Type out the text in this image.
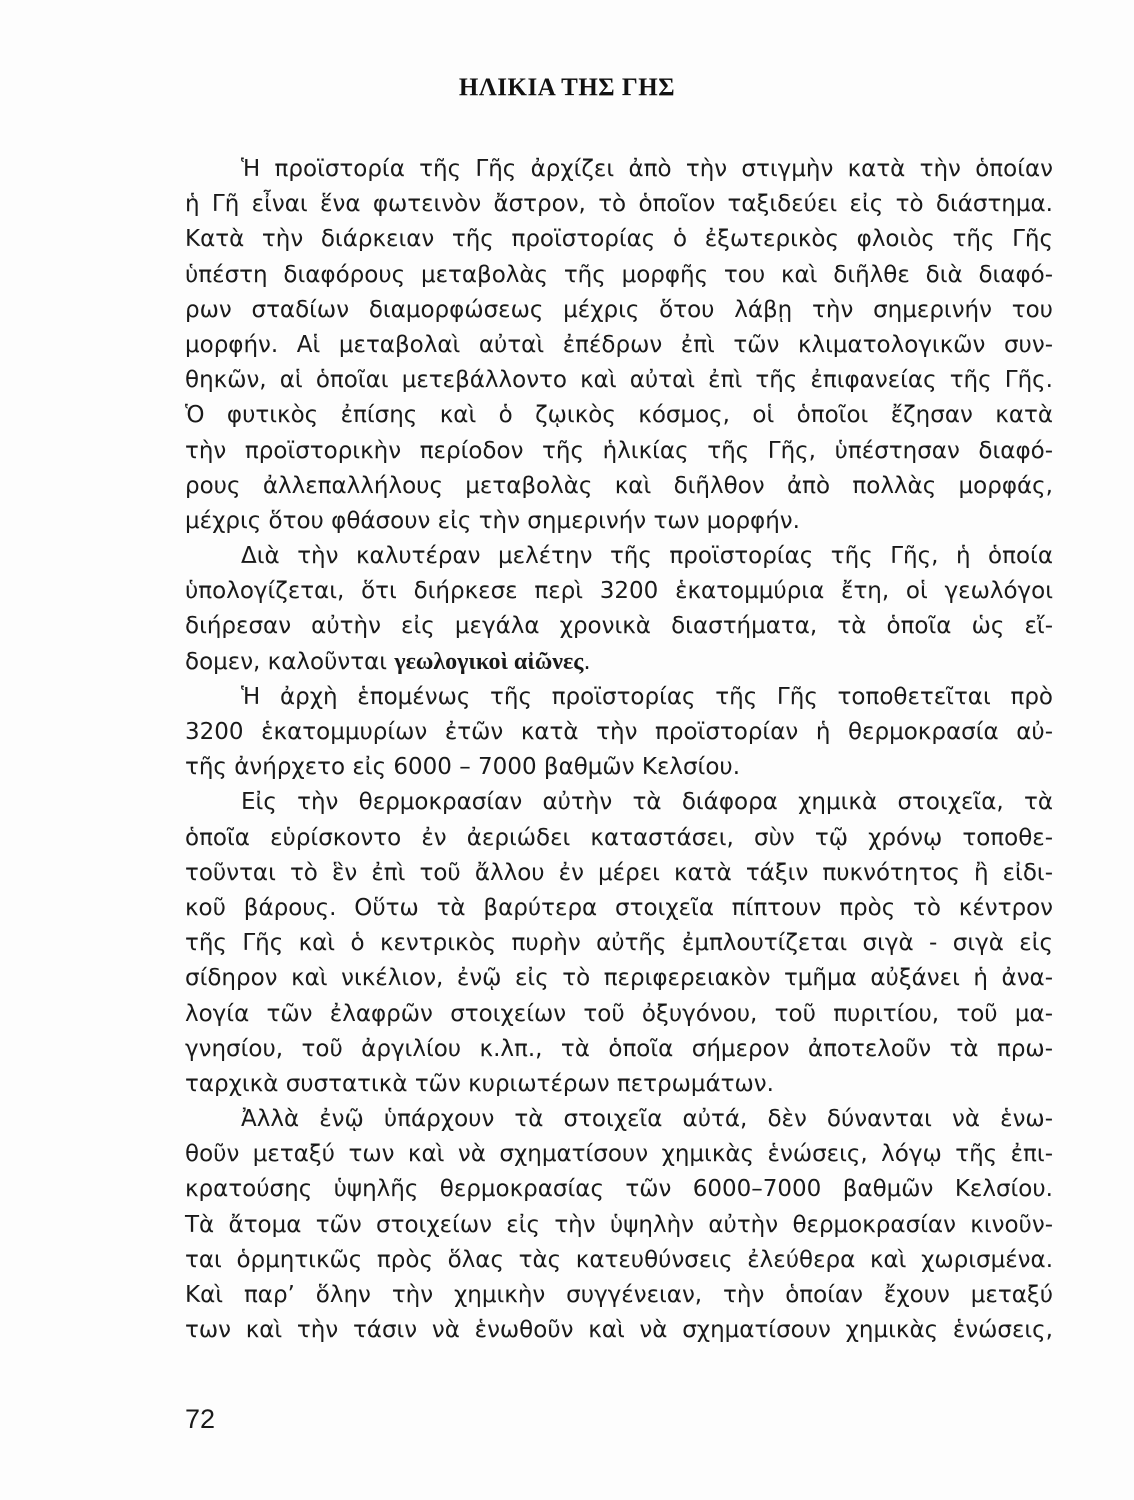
ΗΛΙΚΙΑ ΤΗΣ ΓΗΣ
Ἡ προϊστορία τῆς Γῆς ἀρχίζει ἀπὸ τὴν στιγμὴν κατὰ τὴν ὁποίαν
ἡ Γῆ εἶναι ἕνα φωτεινὸν ἄστρον, τὸ ὁποῖον ταξιδεύει εἰς τὸ διάστημα.
Κατὰ τὴν διάρκειαν τῆς προϊστορίας ὁ ἐξωτερικὸς φλοιὸς τῆς Γῆς
ὑπέστη διαφόρους μεταβολὰς τῆς μορφῆς του καὶ διῆλθε διὰ διαφό-
ρων σταδίων διαμορφώσεως μέχρις ὅτου λάβῃ τὴν σημερινήν του
μορφήν. Αἱ μεταβολαὶ αὐταὶ ἐπέδρων ἐπὶ τῶν κλιματολογικῶν συν-
θηκῶν, αἱ ὁποῖαι μετεβάλλοντο καὶ αὐταὶ ἐπὶ τῆς ἐπιφανείας τῆς Γῆς.
Ὁ φυτικὸς ἐπίσης καὶ ὁ ζῳικὸς κόσμος, οἱ ὁποῖοι ἔζησαν κατὰ
τὴν προϊστορικὴν περίοδον τῆς ἡλικίας τῆς Γῆς, ὑπέστησαν διαφό-
ρους ἀλλεπαλλήλους μεταβολὰς καὶ διῆλθον ἀπὸ πολλὰς μορφάς,
μέχρις ὅτου φθάσουν εἰς τὴν σημερινήν των μορφήν.
Διὰ τὴν καλυτέραν μελέτην τῆς προϊστορίας τῆς Γῆς, ἡ ὁποία
ὑπολογίζεται, ὅτι διήρκεσε περὶ 3200 ἑκατομμύρια ἔτη, οἱ γεωλόγοι
διήρεσαν αὐτὴν εἰς μεγάλα χρονικὰ διαστήματα, τὰ ὁποῖα ὡς εἴ-
δομεν, καλοῦνται γεωλογικοὶ αἰῶνες.
Ἡ ἀρχὴ ἑπομένως τῆς προϊστορίας τῆς Γῆς τοποθετεῖται πρὸ
3200 ἑκατομμυρίων ἐτῶν κατὰ τὴν προϊστορίαν ἡ θερμοκρασία αὐ-
τῆς ἀνήρχετο εἰς 6000 – 7000 βαθμῶν Κελσίου.
Εἰς τὴν θερμοκρασίαν αὐτὴν τὰ διάφορα χημικὰ στοιχεῖα, τὰ
ὁποῖα εὑρίσκοντο ἐν ἀεριώδει καταστάσει, σὺν τῷ χρόνῳ τοποθε-
τοῦνται τὸ ἓν ἐπὶ τοῦ ἄλλου ἐν μέρει κατὰ τάξιν πυκνότητος ἢ εἰδι-
κοῦ βάρους. Οὕτω τὰ βαρύτερα στοιχεῖα πίπτουν πρὸς τὸ κέντρον
τῆς Γῆς καὶ ὁ κεντρικὸς πυρὴν αὐτῆς ἐμπλουτίζεται σιγὰ - σιγὰ εἰς
σίδηρον καὶ νικέλιον, ἐνῷ εἰς τὸ περιφερειακὸν τμῆμα αὐξάνει ἡ ἀνα-
λογία τῶν ἐλαφρῶν στοιχείων τοῦ ὀξυγόνου, τοῦ πυριτίου, τοῦ μα-
γνησίου, τοῦ ἀργιλίου κ.λπ., τὰ ὁποῖα σήμερον ἀποτελοῦν τὰ πρω-
ταρχικὰ συστατικὰ τῶν κυριωτέρων πετρωμάτων.
Ἀλλὰ ἐνῷ ὑπάρχουν τὰ στοιχεῖα αὐτά, δὲν δύνανται νὰ ἑνω-
θοῦν μεταξύ των καὶ νὰ σχηματίσουν χημικὰς ἑνώσεις, λόγῳ τῆς ἐπι-
κρατούσης ὑψηλῆς θερμοκρασίας τῶν 6000–7000 βαθμῶν Κελσίου.
Τὰ ἄτομα τῶν στοιχείων εἰς τὴν ὑψηλὴν αὐτὴν θερμοκρασίαν κινοῦν-
ται ὁρμητικῶς πρὸς ὅλας τὰς κατευθύνσεις ἐλεύθερα καὶ χωρισμένα.
Καὶ παρ’ ὅλην τὴν χημικὴν συγγένειαν, τὴν ὁποίαν ἔχουν μεταξύ
των καὶ τὴν τάσιν νὰ ἑνωθοῦν καὶ νὰ σχηματίσουν χημικὰς ἑνώσεις,
72
